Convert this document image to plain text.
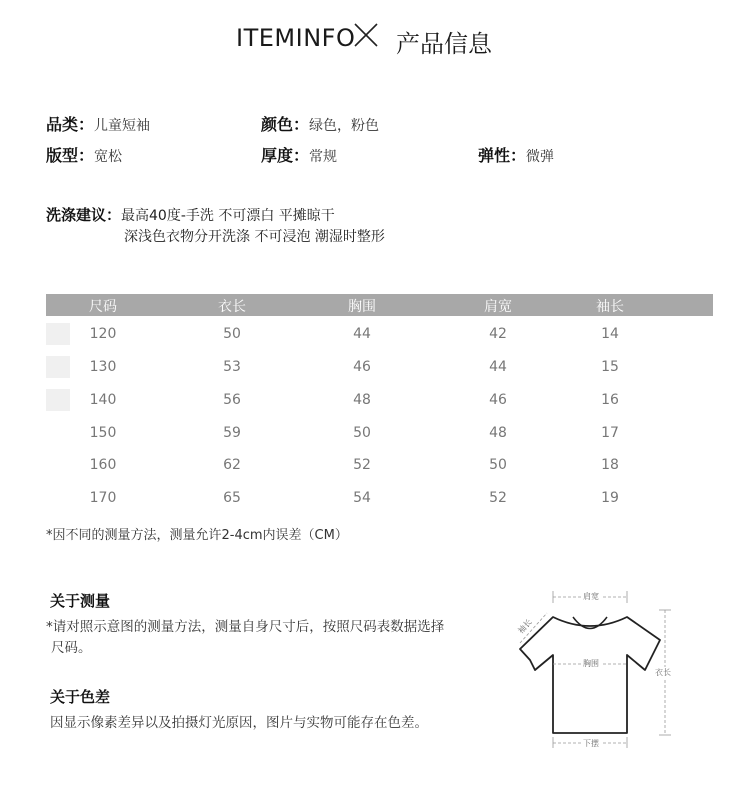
ITEMINFO 产品信息
品类：儿童短袖	颜色：绿色，粉色
版型：宽松	厚度：常规	弹性：微弹
洗涤建议：最高40度-手洗 不可漂白 平摊晾干
深浅色衣物分开洗涤 不可浸泡 潮湿时整形
尺码	衣长	胸围	肩宽	袖长
120	50	44	42	14
130	53	46	44	15
140	56	48	46	16
150	59	50	48	17
160	62	52	50	18
170	65	54	52	19
*因不同的测量方法，测量允许2-4cm内误差（CM）
关于测量
*请对照示意图的测量方法，测量自身尺寸后，按照尺码表数据选择
尺码。
关于色差
因显示像素差异以及拍摄灯光原因，图片与实物可能存在色差。
肩宽
袖长
胸围
衣长
下摆
